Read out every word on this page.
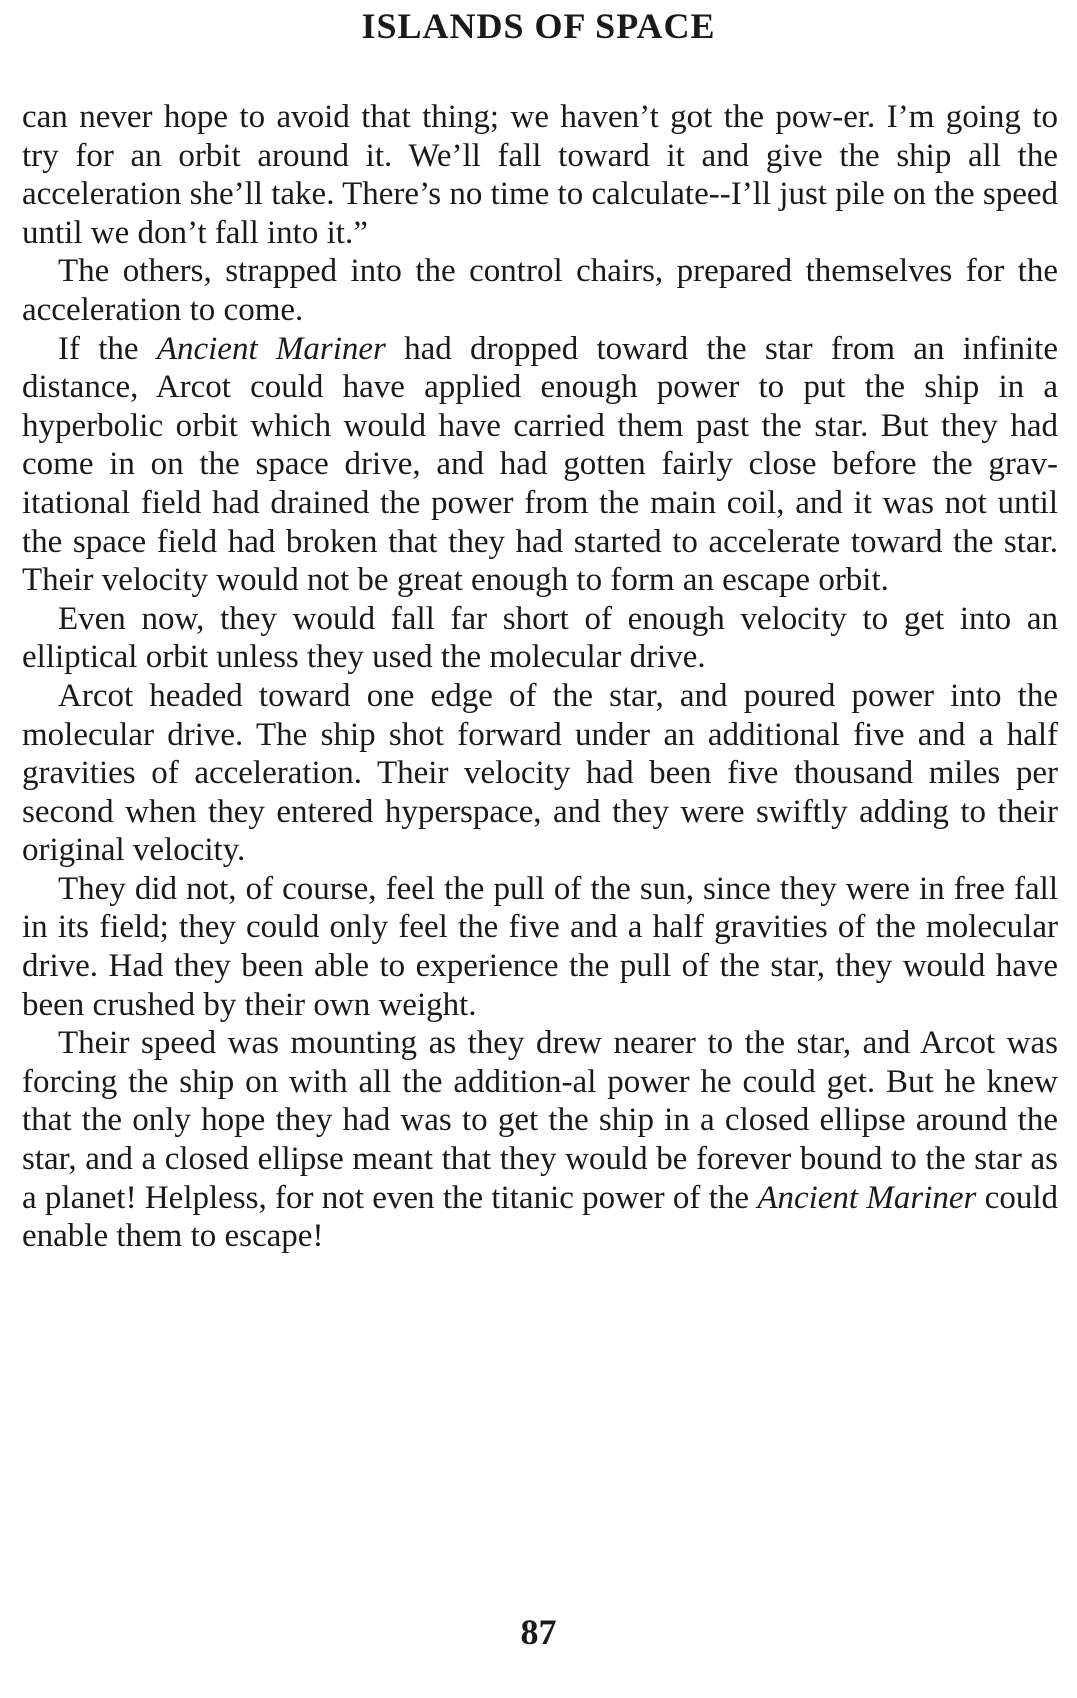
ISLANDS OF SPACE

can never hope to avoid that thing; we haven’t got the pow-er. I’m going to try for an orbit around it. We’ll fall toward it and give the ship all the acceleration she’ll take. There’s no time to calculate--I’ll just pile on the speed until we don’t fall into it.”

The others, strapped into the control chairs, prepared themselves for the acceleration to come.

If the Ancient Mariner had dropped toward the star from an infinite distance, Arcot could have applied enough power to put the ship in a hyperbolic orbit which would have carried them past the star. But they had come in on the space drive, and had gotten fairly close before the grav-itational field had drained the power from the main coil, and it was not until the space field had broken that they had started to accelerate toward the star. Their velocity would not be great enough to form an escape orbit.

Even now, they would fall far short of enough velocity to get into an elliptical orbit unless they used the molecular drive.

Arcot headed toward one edge of the star, and poured power into the molecular drive. The ship shot forward under an additional five and a half gravities of acceleration. Their velocity had been five thousand miles per second when they entered hyperspace, and they were swiftly adding to their original velocity.

They did not, of course, feel the pull of the sun, since they were in free fall in its field; they could only feel the five and a half gravities of the molecular drive. Had they been able to experience the pull of the star, they would have been crushed by their own weight.

Their speed was mounting as they drew nearer to the star, and Arcot was forcing the ship on with all the addition-al power he could get. But he knew that the only hope they had was to get the ship in a closed ellipse around the star, and a closed ellipse meant that they would be forever bound to the star as a planet! Helpless, for not even the titanic power of the Ancient Mariner could enable them to escape!

87
